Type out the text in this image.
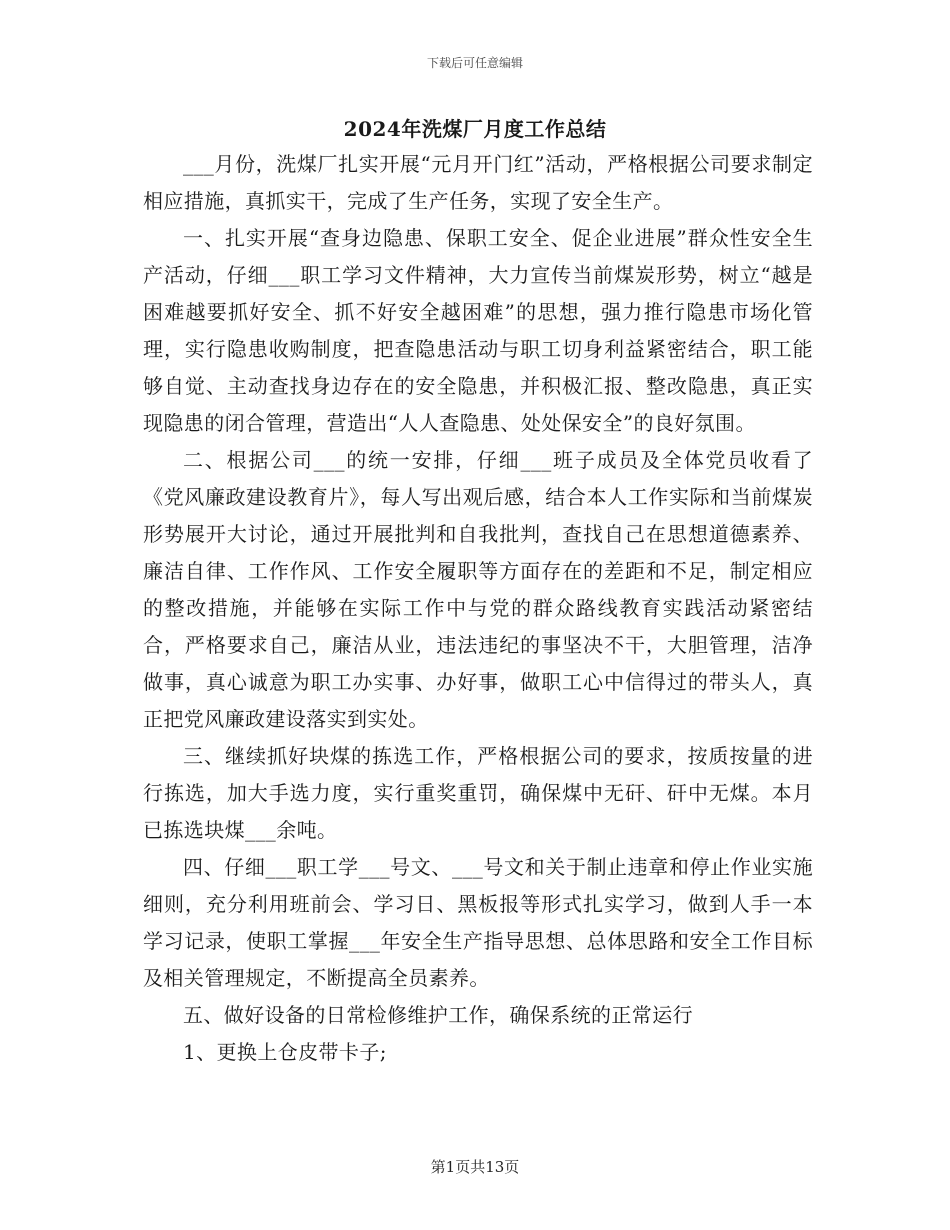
下载后可任意编辑
2024年洗煤厂月度工作总结

___月份，洗煤厂扎实开展“元月开门红”活动，严格根据公司要求制定相应措施，真抓实干，完成了生产任务，实现了安全生产。

一、扎实开展“查身边隐患、保职工安全、促企业进展”群众性安全生产活动，仔细___职工学习文件精神，大力宣传当前煤炭形势，树立“越是困难越要抓好安全、抓不好安全越困难”的思想，强力推行隐患市场化管理，实行隐患收购制度，把查隐患活动与职工切身利益紧密结合，职工能够自觉、主动查找身边存在的安全隐患，并积极汇报、整改隐患，真正实现隐患的闭合管理，营造出“人人查隐患、处处保安全”的良好氛围。

二、根据公司___的统一安排，仔细___班子成员及全体党员收看了《党风廉政建设教育片》，每人写出观后感，结合本人工作实际和当前煤炭形势展开大讨论，通过开展批判和自我批判，查找自己在思想道德素养、廉洁自律、工作作风、工作安全履职等方面存在的差距和不足，制定相应的整改措施，并能够在实际工作中与党的群众路线教育实践活动紧密结合，严格要求自己，廉洁从业，违法违纪的事坚决不干，大胆管理，洁净做事，真心诚意为职工办实事、办好事，做职工心中信得过的带头人，真正把党风廉政建设落实到实处。

三、继续抓好块煤的拣选工作，严格根据公司的要求，按质按量的进行拣选，加大手选力度，实行重奖重罚，确保煤中无矸、矸中无煤。本月已拣选块煤___余吨。

四、仔细___职工学___号文、___号文和关于制止违章和停止作业实施细则，充分利用班前会、学习日、黑板报等形式扎实学习，做到人手一本学习记录，使职工掌握___年安全生产指导思想、总体思路和安全工作目标及相关管理规定，不断提高全员素养。

五、做好设备的日常检修维护工作，确保系统的正常运行

1、更换上仓皮带卡子;

第1页共13页
